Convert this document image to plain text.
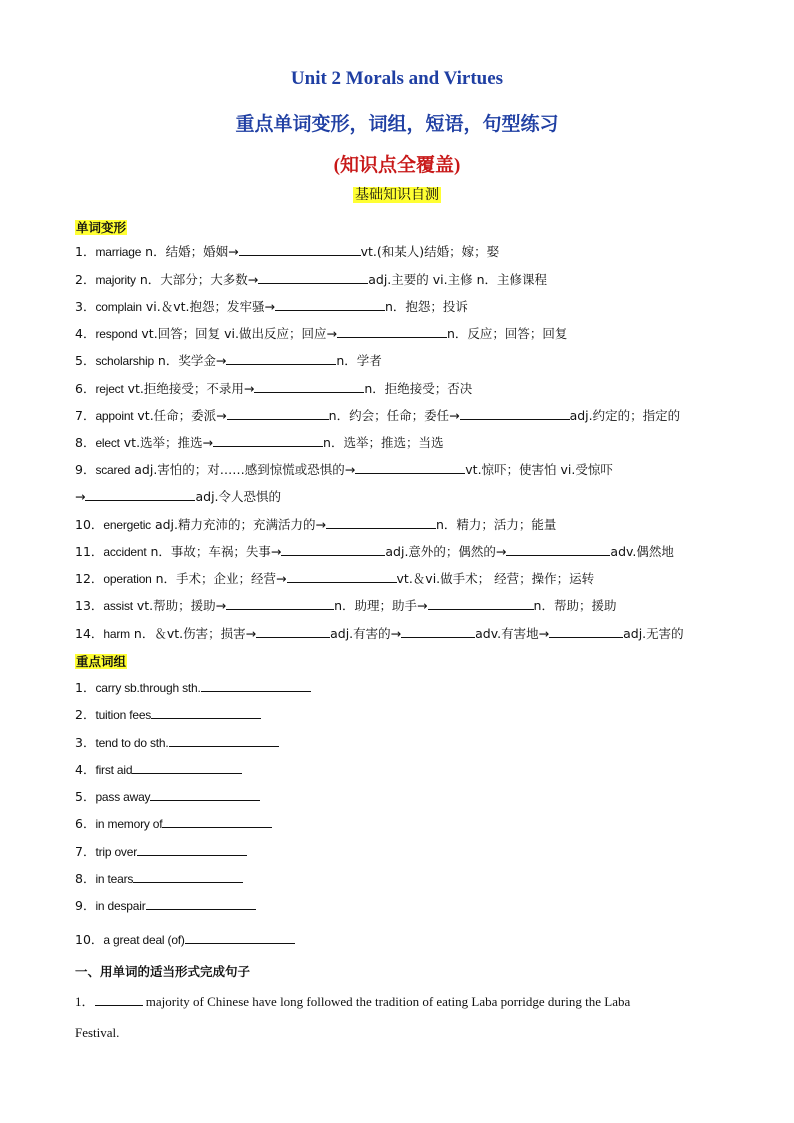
Unit 2 Morals and Virtues
重点单词变形，词组，短语，句型练习
(知识点全覆盖)
基础知识自测
单词变形
1．marriage n．结婚；婚姻→	vt.(和某人)结婚；嫁；娶
2．majority n．大部分；大多数→	adj.主要的 vi.主修 n．主修课程
3．complain vi.＆vt.抱怨；发牢骚→	n．抱怨；投诉
4．respond vt.回答；回复 vi.做出反应；回应→	n．反应；回答；回复
5．scholarship n．奖学金→	n．学者
6．reject vt.拒绝接受；不录用→	n．拒绝接受；否决
7．appoint vt.任命；委派→	n．约会；任命；委任→	adj.约定的；指定的
8．elect vt.选举；推选→	n．选举；推选；当选
9．scared adj.害怕的；对……感到惊慌或恐惧的→	vt.惊吓；使害怕 vi.受惊吓
→	adj.令人恐惧的
10．energetic adj.精力充沛的；充满活力的→	n．精力；活力；能量
11．accident n．事故；车祸；失事→	adj.意外的；偶然的→	adv.偶然地
12．operation n．手术；企业；经营→	vt.＆vi.做手术； 经营；操作；运转
13．assist vt.帮助；援助→	n．助理；助手→	n．帮助；援助
14．harm n．＆vt.伤害；损害→	adj.有害的→	adv.有害地→	adj.无害的
重点词组
1．carry sb.through sth.
2．tuition fees
3．tend to do sth.
4．first aid
5．pass away
6．in memory of
7．trip over
8．in tears
9．in despair
10．a great deal (of)
一、用单词的适当形式完成句子
1．	majority of Chinese have long followed the tradition of eating Laba porridge during the Laba
Festival.
